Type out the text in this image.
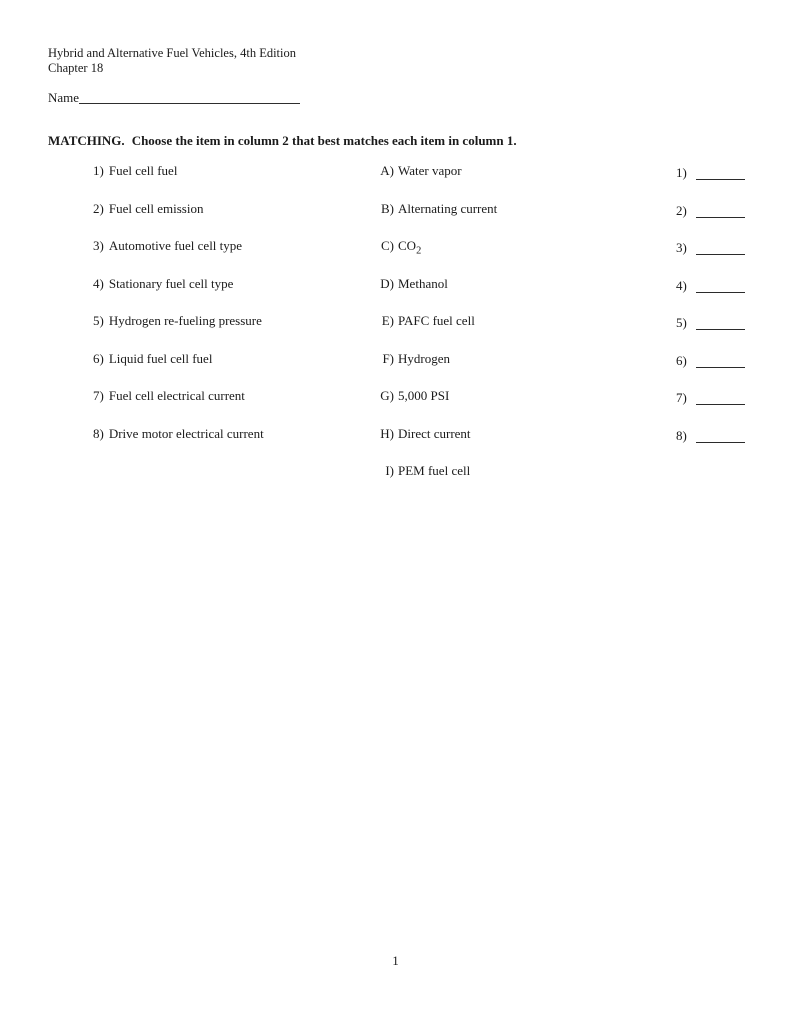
Hybrid and Alternative Fuel Vehicles, 4th Edition
Chapter 18
Name
MATCHING. Choose the item in column 2 that best matches each item in column 1.
1) Fuel cell fuel	A) Water vapor	1)
2) Fuel cell emission	B) Alternating current	2)
3) Automotive fuel cell type	C) $CO_2$	3)
4) Stationary fuel cell type	D) Methanol	4)
5) Hydrogen re-fueling pressure	E) PAFC fuel cell	5)
6) Liquid fuel cell fuel	F) Hydrogen	6)
7) Fuel cell electrical current	G) 5,000 PSI	7)
8) Drive motor electrical current	H) Direct current	8)
I) PEM fuel cell
1
